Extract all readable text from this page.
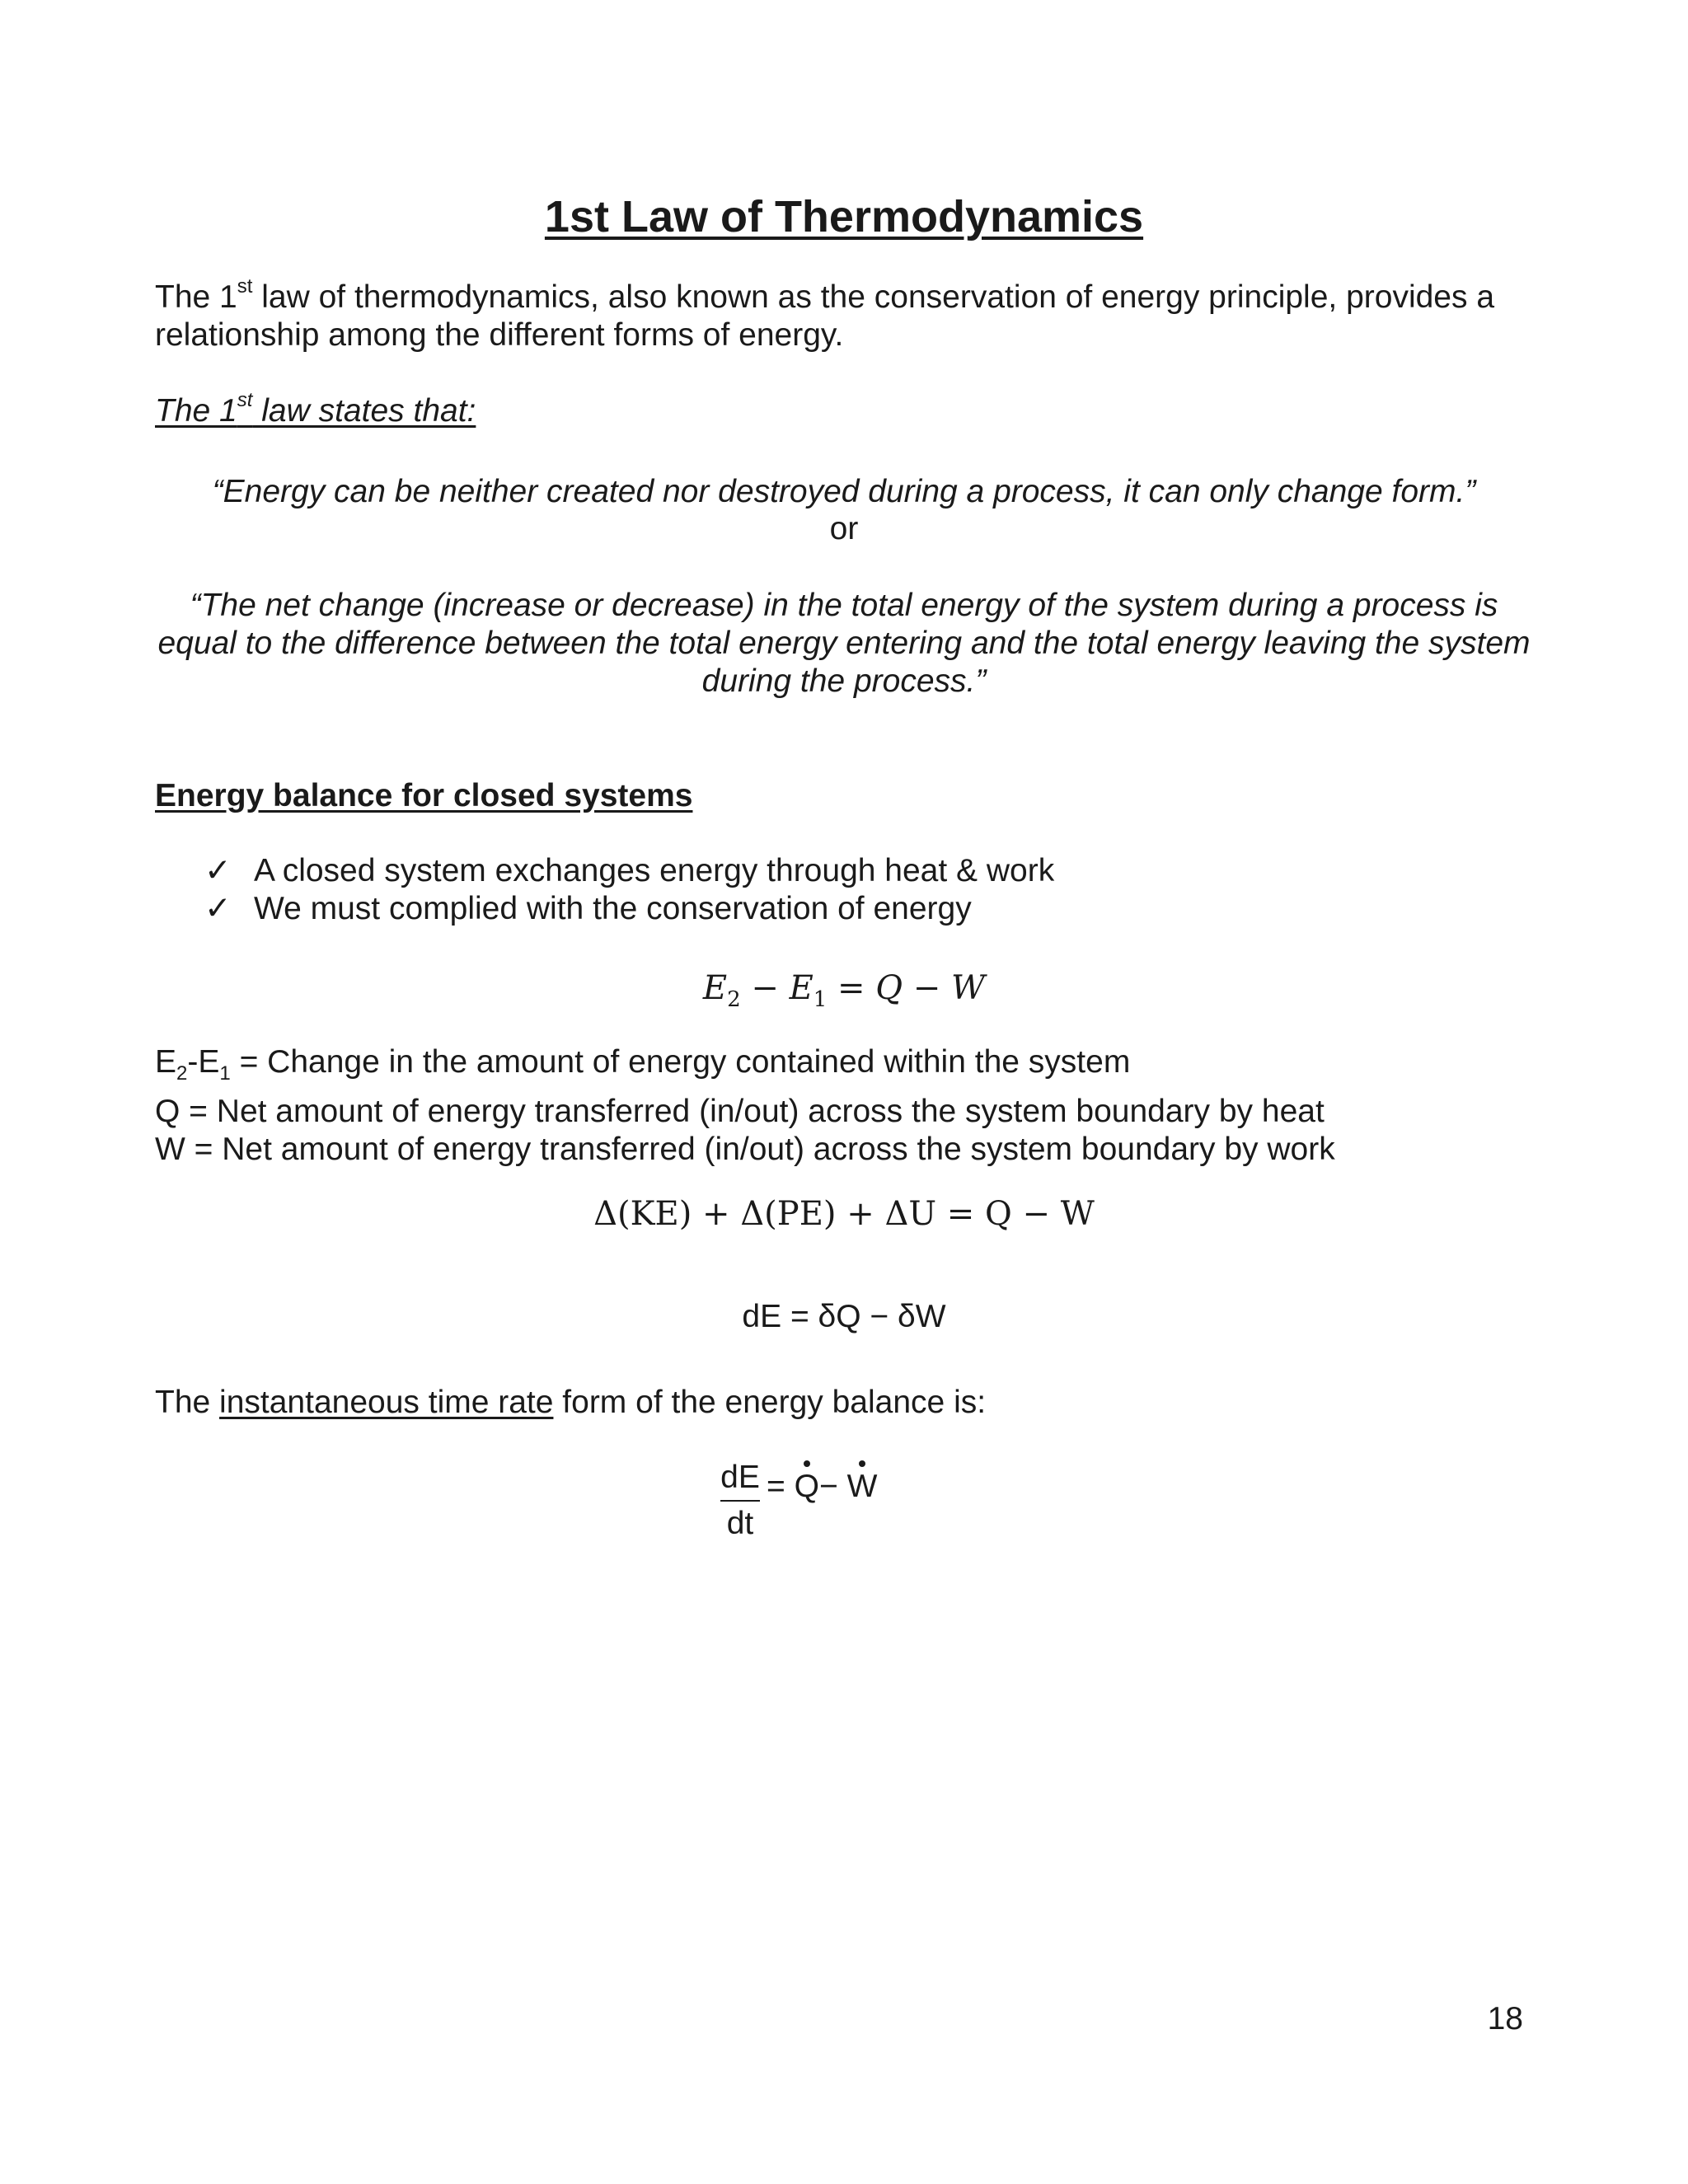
1st Law of Thermodynamics
The 1st law of thermodynamics, also known as the conservation of energy principle, provides a relationship among the different forms of energy.
The 1st law states that:
“Energy can be neither created nor destroyed during a process, it can only change form.”
or
“The net change (increase or decrease) in the total energy of the system during a process is equal to the difference between the total energy entering and the total energy leaving the system during the process.”
Energy balance for closed systems
✓ A closed system exchanges energy through heat & work
✓ We must complied with the conservation of energy
$E_2 - E_1 = Q - W$
$E_2-E_1$ = Change in the amount of energy contained within the system
Q = Net amount of energy transferred (in/out) across the system boundary by heat
W = Net amount of energy transferred (in/out) across the system boundary by work
Δ(KE) + Δ(PE) + ΔU = Q − W
dE = δQ − δW
The instantaneous time rate form of the energy balance is:
dE
dt
= Q− W
18
